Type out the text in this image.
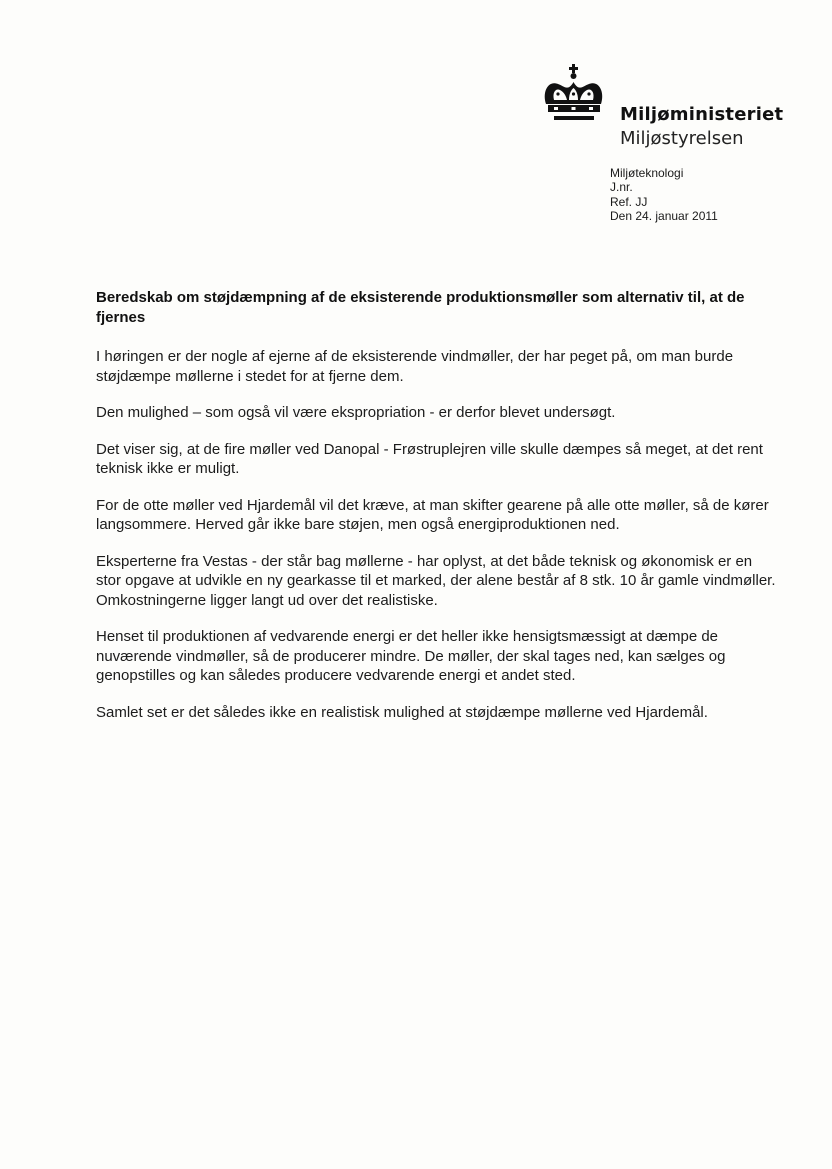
Miljøministeriet
Miljøstyrelsen
Miljøteknologi
J.nr.
Ref. JJ
Den 24. januar 2011

Beredskab om støjdæmpning af de eksisterende produktionsmøller som alternativ til, at de fjernes

I høringen er der nogle af ejerne af de eksisterende vindmøller, der har peget på, om man burde støjdæmpe møllerne i stedet for at fjerne dem.

Den mulighed – som også vil være ekspropriation - er derfor blevet undersøgt.

Det viser sig, at de fire møller ved Danopal - Frøstruplejren ville skulle dæmpes så meget, at det rent teknisk ikke er muligt.

For de otte møller ved Hjardemål vil det kræve, at man skifter gearene på alle otte møller, så de kører langsommere. Herved går ikke bare støjen, men også energiproduktionen ned.

Eksperterne fra Vestas - der står bag møllerne - har oplyst, at det både teknisk og økonomisk er en stor opgave at udvikle en ny gearkasse til et marked, der alene består af 8 stk. 10 år gamle vindmøller. Omkostningerne ligger langt ud over det realistiske.

Henset til produktionen af vedvarende energi er det heller ikke hensigtsmæssigt at dæmpe de nuværende vindmøller, så de producerer mindre. De møller, der skal tages ned, kan sælges og genopstilles og kan således producere vedvarende energi et andet sted.

Samlet set er det således ikke en realistisk mulighed at støjdæmpe møllerne ved Hjardemål.
